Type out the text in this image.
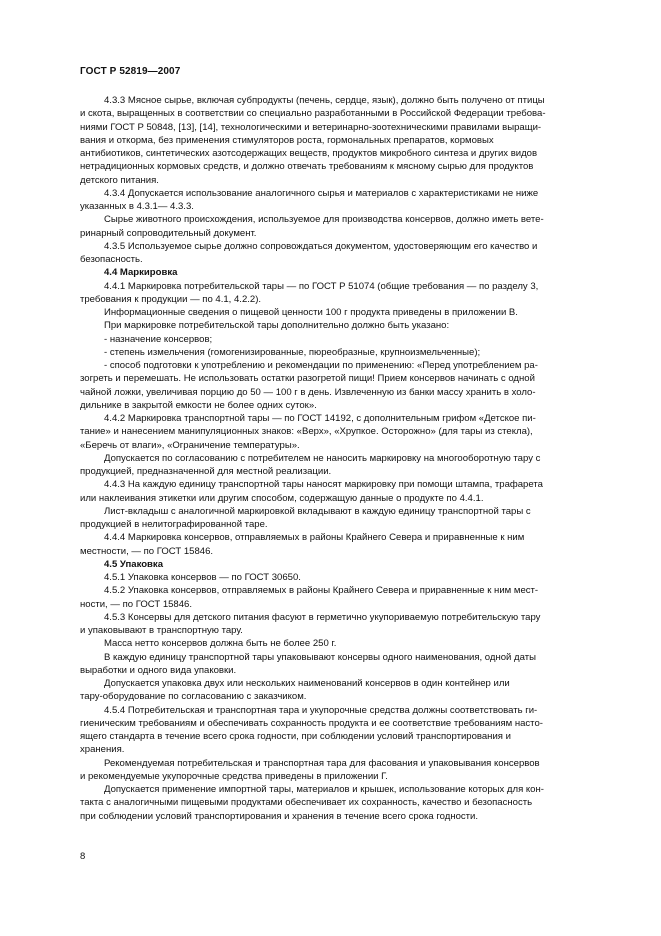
ГОСТ Р 52819—2007

4.3.3 Мясное сырье, включая субпродукты (печень, сердце, язык), должно быть получено от птицы
и скота, выращенных в соответствии со специально разработанными в Российской Федерации требова-
ниями ГОСТ Р 50848, [13], [14], технологическими и ветеринарно-зоотехническими правилами выращи-
вания и откорма, без применения стимуляторов роста, гормональных препаратов, кормовых
антибиотиков, синтетических азотсодержащих веществ, продуктов микробного синтеза и других видов
нетрадиционных кормовых средств, и должно отвечать требованиям к мясному сырью для продуктов
детского питания.

4.3.4 Допускается использование аналогичного сырья и материалов с характеристиками не ниже
указанных в 4.3.1— 4.3.3.

Сырье животного происхождения, используемое для производства консервов, должно иметь вете-
ринарный сопроводительный документ.

4.3.5 Используемое сырье должно сопровождаться документом, удостоверяющим его качество и
безопасность.

4.4 Маркировка

4.4.1 Маркировка потребительской тары — по ГОСТ Р 51074 (общие требования — по разделу 3,
требования к продукции — по 4.1, 4.2.2).

Информационные сведения о пищевой ценности 100 г продукта приведены в приложении В.

При маркировке потребительской тары дополнительно должно быть указано:

- назначение консервов;

- степень измельчения (гомогенизированные, пюреобразные, крупноизмельченные);

- способ подготовки к употреблению и рекомендации по применению: «Перед употреблением ра-
зогреть и перемешать. Не использовать остатки разогретой пищи! Прием консервов начинать с одной
чайной ложки, увеличивая порцию до 50 — 100 г в день. Извлеченную из банки массу хранить в холо-
дильнике в закрытой емкости не более одних суток».

4.4.2 Маркировка транспортной тары — по ГОСТ 14192, с дополнительным грифом «Детское пи-
тание» и нанесением манипуляционных знаков: «Верх», «Хрупкое. Осторожно» (для тары из стекла),
«Беречь от влаги», «Ограничение температуры».

Допускается по согласованию с потребителем не наносить маркировку на многооборотную тару с
продукцией, предназначенной для местной реализации.

4.4.3 На каждую единицу транспортной тары наносят маркировку при помощи штампа, трафарета
или наклеивания этикетки или другим способом, содержащую данные о продукте по 4.4.1.

Лист-вкладыш с аналогичной маркировкой вкладывают в каждую единицу транспортной тары с
продукцией в нелитографированной таре.

4.4.4 Маркировка консервов, отправляемых в районы Крайнего Севера и приравненные к ним
местности, — по ГОСТ 15846.

4.5 Упаковка

4.5.1 Упаковка консервов — по ГОСТ 30650.

4.5.2 Упаковка консервов, отправляемых в районы Крайнего Севера и приравненные к ним мест-
ности, — по ГОСТ 15846.

4.5.3 Консервы для детского питания фасуют в герметично укупориваемую потребительскую тару
и упаковывают в транспортную тару.

Масса нетто консервов должна быть не более 250 г.

В каждую единицу транспортной тары упаковывают консервы одного наименования, одной даты
выработки и одного вида упаковки.

Допускается упаковка двух или нескольких наименований консервов в один контейнер или
тару-оборудование по согласованию с заказчиком.

4.5.4 Потребительская и транспортная тара и укупорочные средства должны соответствовать ги-
гиеническим требованиям и обеспечивать сохранность продукта и ее соответствие требованиям насто-
ящего стандарта в течение всего срока годности, при соблюдении условий транспортирования и
хранения.

Рекомендуемая потребительская и транспортная тара для фасования и упаковывания консервов
и рекомендуемые укупорочные средства приведены в приложении Г.

Допускается применение импортной тары, материалов и крышек, использование которых для кон-
такта с аналогичными пищевыми продуктами обеспечивает их сохранность, качество и безопасность
при соблюдении условий транспортирования и хранения в течение всего срока годности.

8
